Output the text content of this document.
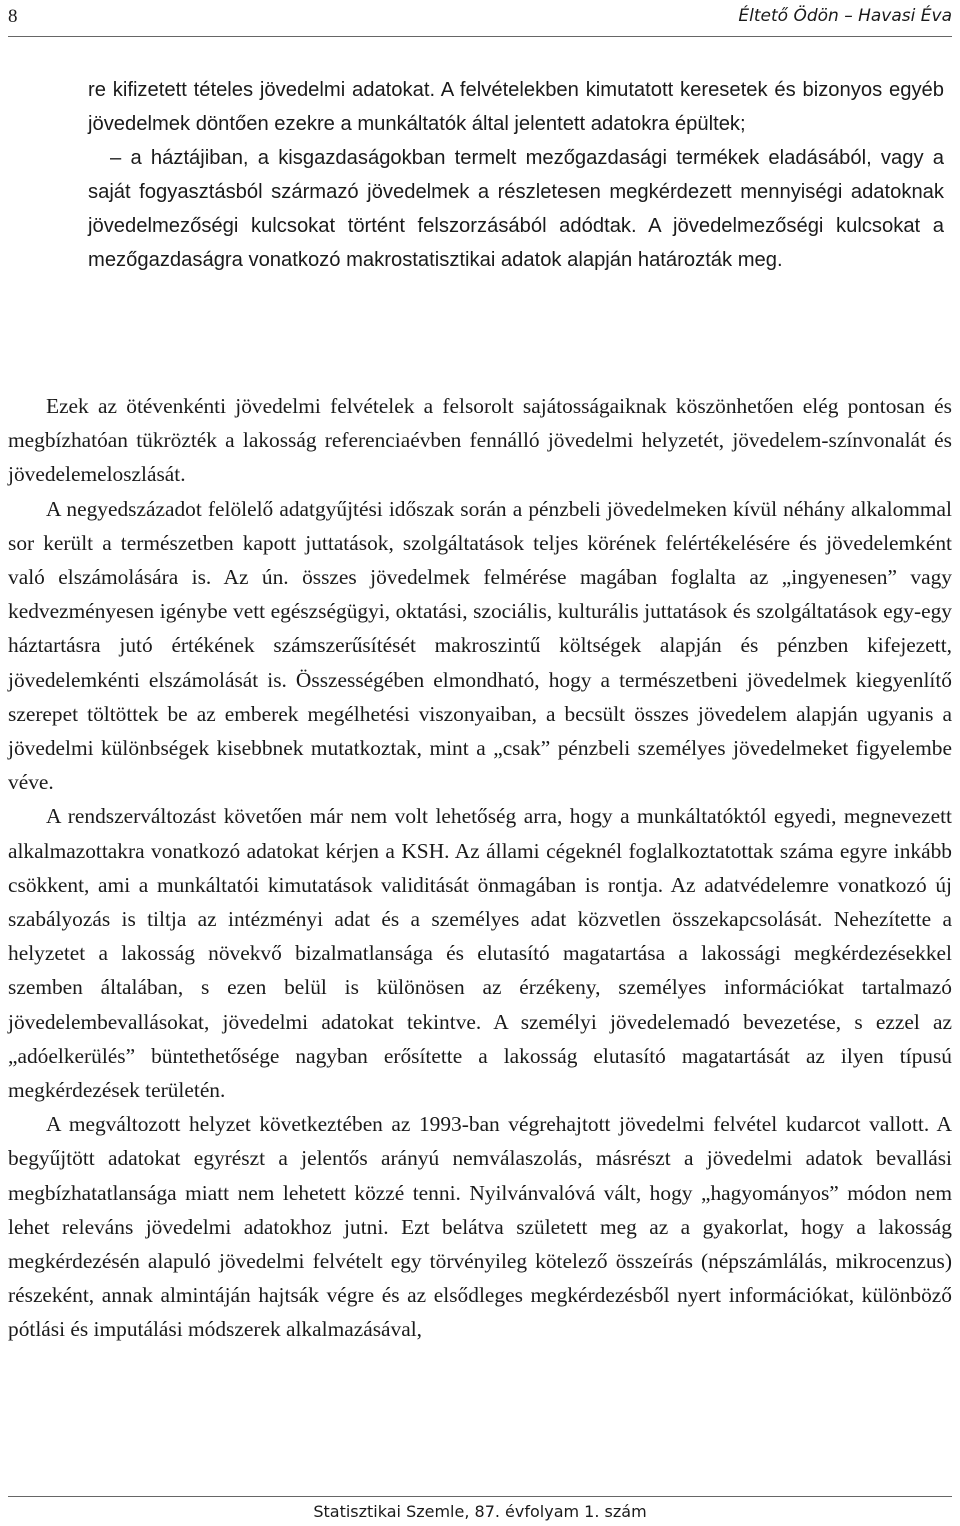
8	Éltető Ödön – Havasi Éva

re kifizetett tételes jövedelmi adatokat. A felvételekben kimutatott keresetek és bizonyos egyéb jövedelmek döntően ezekre a munkáltatók által jelentett adatokra épültek;

– a háztájiban, a kisgazdaságokban termelt mezőgazdasági termékek eladásából, vagy a saját fogyasztásból származó jövedelmek a részletesen megkérdezett mennyiségi adatoknak jövedelmezőségi kulcsokat történt felszorzásából adódtak. A jövedelmezőségi kulcsokat a mezőgazdaságra vonatkozó makrostatisztikai adatok alapján határozták meg.

Ezek az ötévenkénti jövedelmi felvételek a felsorolt sajátosságaiknak köszönhetően elég pontosan és megbízhatóan tükrözték a lakosság referenciaévben fennálló jövedelmi helyzetét, jövedelem-színvonalát és jövedelemeloszlását.

A negyedszázadot felölelő adatgyűjtési időszak során a pénzbeli jövedelmeken kívül néhány alkalommal sor került a természetben kapott juttatások, szolgáltatások teljes körének felértékelésére és jövedelemként való elszámolására is. Az ún. összes jövedelmek felmérése magában foglalta az „ingyenesen” vagy kedvezményesen igénybe vett egészségügyi, oktatási, szociális, kulturális juttatások és szolgáltatások egy-egy háztartásra jutó értékének számszerűsítését makroszintű költségek alapján és pénzben kifejezett, jövedelemkénti elszámolását is. Összességében elmondható, hogy a természetbeni jövedelmek kiegyenlítő szerepet töltöttek be az emberek megélhetési viszonyaiban, a becsült összes jövedelem alapján ugyanis a jövedelmi különbségek kisebbnek mutatkoztak, mint a „csak” pénzbeli személyes jövedelmeket figyelembe véve.

A rendszerváltozást követően már nem volt lehetőség arra, hogy a munkáltatóktól egyedi, megnevezett alkalmazottakra vonatkozó adatokat kérjen a KSH. Az állami cégeknél foglalkoztatottak száma egyre inkább csökkent, ami a munkáltatói kimutatások validitását önmagában is rontja. Az adatvédelemre vonatkozó új szabályozás is tiltja az intézményi adat és a személyes adat közvetlen összekapcsolását. Nehezítette a helyzetet a lakosság növekvő bizalmatlansága és elutasító magatartása a lakossági megkérdezésekkel szemben általában, s ezen belül is különösen az érzékeny, személyes információkat tartalmazó jövedelembevallásokat, jövedelmi adatokat tekintve. A személyi jövedelemadó bevezetése, s ezzel az „adóelkerülés” büntethetősége nagyban erősítette a lakosság elutasító magatartását az ilyen típusú megkérdezések területén.

A megváltozott helyzet következtében az 1993-ban végrehajtott jövedelmi felvétel kudarcot vallott. A begyűjtött adatokat egyrészt a jelentős arányú nemválaszolás, másrészt a jövedelmi adatok bevallási megbízhatatlansága miatt nem lehetett közzé tenni. Nyilvánvalóvá vált, hogy „hagyományos” módon nem lehet releváns jövedelmi adatokhoz jutni. Ezt belátva született meg az a gyakorlat, hogy a lakosság megkérdezésén alapuló jövedelmi felvételt egy törvényileg kötelező összeírás (népszámlálás, mikrocenzus) részeként, annak almintáján hajtsák végre és az elsődleges megkérdezésből nyert információkat, különböző pótlási és imputálási módszerek alkalmazásával,

Statisztikai Szemle, 87. évfolyam 1. szám
